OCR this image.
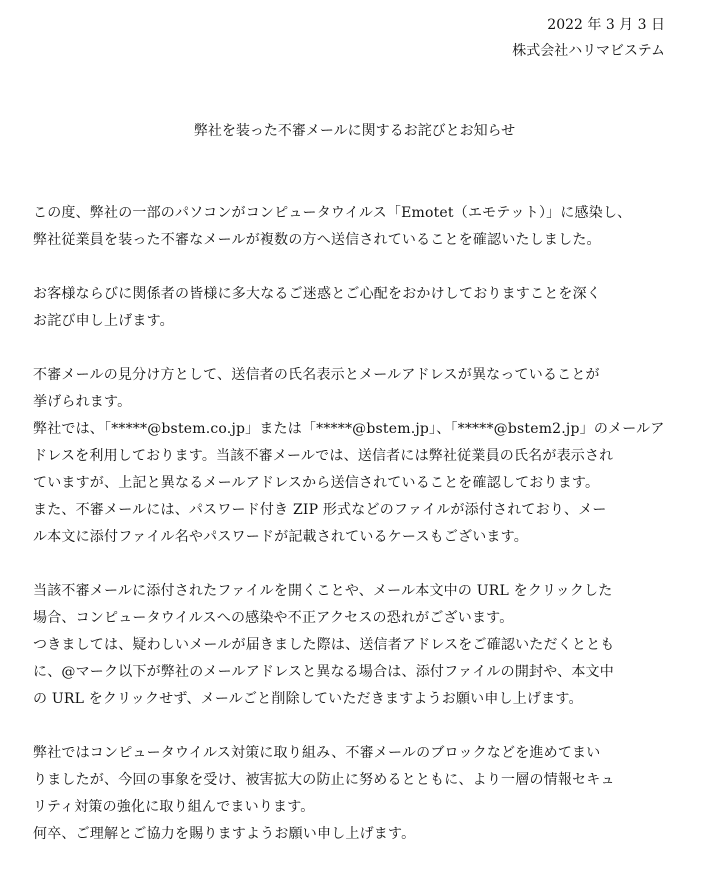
2022 年 3 月 3 日
株式会社ハリマビステム
弊社を装った不審メールに関するお詫びとお知らせ

この度、弊社の一部のパソコンがコンピュータウイルス「Emotet（エモテット）」に感染し、
弊社従業員を装った不審なメールが複数の方へ送信されていることを確認いたしました。

お客様ならびに関係者の皆様に多大なるご迷惑とご心配をおかけしておりますことを深く
お詫び申し上げます。

不審メールの見分け方として、送信者の氏名表示とメールアドレスが異なっていることが
挙げられます。
弊社では、「*****@bstem.co.jp」または「*****@bstem.jp」、「*****@bstem2.jp」のメールア
ドレスを利用しております。当該不審メールでは、送信者には弊社従業員の氏名が表示され
ていますが、上記と異なるメールアドレスから送信されていることを確認しております。
また、不審メールには、パスワード付き ZIP 形式などのファイルが添付されており、メー
ル本文に添付ファイル名やパスワードが記載されているケースもございます。

当該不審メールに添付されたファイルを開くことや、メール本文中の URL をクリックした
場合、コンピュータウイルスへの感染や不正アクセスの恐れがございます。
つきましては、疑わしいメールが届きました際は、送信者アドレスをご確認いただくととも
に、@マーク以下が弊社のメールアドレスと異なる場合は、添付ファイルの開封や、本文中
の URL をクリックせず、メールごと削除していただきますようお願い申し上げます。

弊社ではコンピュータウイルス対策に取り組み、不審メールのブロックなどを進めてまい
りましたが、今回の事象を受け、被害拡大の防止に努めるとともに、より一層の情報セキュ
リティ対策の強化に取り組んでまいります。
何卒、ご理解とご協力を賜りますようお願い申し上げます。
